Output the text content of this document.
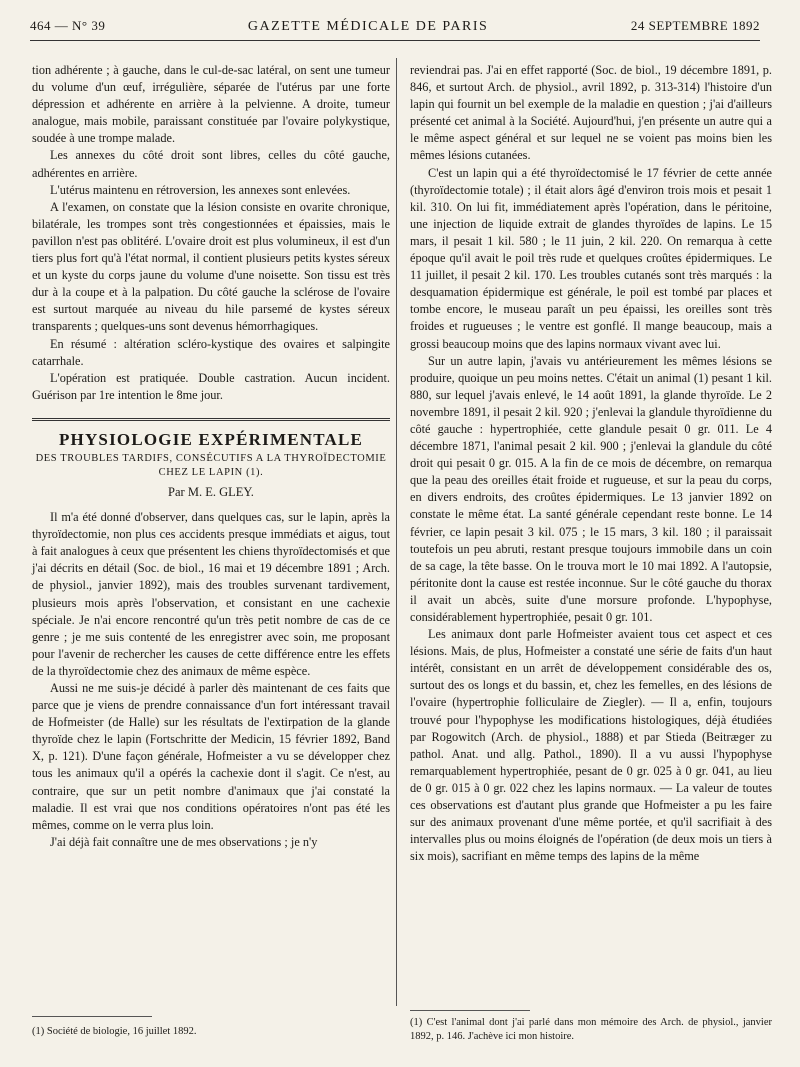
464 — N° 39	GAZETTE MÉDICALE DE PARIS	24 SEPTEMBRE 1892

tion adhérente ; à gauche, dans le cul-de-sac latéral, on sent une tumeur du volume d'un œuf, irrégulière, séparée de l'utérus par une forte dépression et adhérente en arrière à la pelvienne. A droite, tumeur analogue, mais mobile, paraissant constituée par l'ovaire polykystique, soudée à une trompe malade.

Les annexes du côté droit sont libres, celles du côté gauche, adhérentes en arrière.

L'utérus maintenu en rétroversion, les annexes sont enlevées.

A l'examen, on constate que la lésion consiste en ovarite chronique, bilatérale, les trompes sont très congestionnées et épaissies, mais le pavillon n'est pas oblitéré. L'ovaire droit est plus volumineux, il est d'un tiers plus fort qu'à l'état normal, il contient plusieurs petits kystes séreux et un kyste du corps jaune du volume d'une noisette. Son tissu est très dur à la coupe et à la palpation. Du côté gauche la sclérose de l'ovaire est surtout marquée au niveau du hile parsemé de kystes séreux transparents ; quelques-uns sont devenus hémorrhagiques.

En résumé : altération scléro-kystique des ovaires et salpingite catarrhale.

L'opération est pratiquée. Double castration. Aucun incident. Guérison par 1re intention le 8me jour.

PHYSIOLOGIE EXPÉRIMENTALE
DES TROUBLES TARDIFS, CONSÉCUTIFS A LA THYROÏDECTOMIE CHEZ LE LAPIN (1).
Par M. E. GLEY.

Il m'a été donné d'observer, dans quelques cas, sur le lapin, après la thyroïdectomie, non plus ces accidents presque immédiats et aigus, tout à fait analogues à ceux que présentent les chiens thyroïdectomisés et que j'ai décrits en détail (Soc. de biol., 16 mai et 19 décembre 1891 ; Arch. de physiol., janvier 1892), mais des troubles survenant tardivement, plusieurs mois après l'observation, et consistant en une cachexie spéciale. Je n'ai encore rencontré qu'un très petit nombre de cas de ce genre ; je me suis contenté de les enregistrer avec soin, me proposant pour l'avenir de rechercher les causes de cette différence entre les effets de la thyroïdectomie chez des animaux de même espèce.

Aussi ne me suis-je décidé à parler dès maintenant de ces faits que parce que je viens de prendre connaissance d'un fort intéressant travail de Hofmeister (de Halle) sur les résultats de l'extirpation de la glande thyroïde chez le lapin (Fortschritte der Medicin, 15 février 1892, Band X, p. 121). D'une façon générale, Hofmeister a vu se développer chez tous les animaux qu'il a opérés la cachexie dont il s'agit. Ce n'est, au contraire, que sur un petit nombre d'animaux que j'ai constaté la maladie. Il est vrai que nos conditions opératoires n'ont pas été les mêmes, comme on le verra plus loin.

J'ai déjà fait connaître une de mes observations ; je n'y

(1) Société de biologie, 16 juillet 1892.

reviendrai pas. J'ai en effet rapporté (Soc. de biol., 19 décembre 1891, p. 846, et surtout Arch. de physiol., avril 1892, p. 313-314) l'histoire d'un lapin qui fournit un bel exemple de la maladie en question ; j'ai d'ailleurs présenté cet animal à la Société. Aujourd'hui, j'en présente un autre qui a le même aspect général et sur lequel ne se voient pas moins bien les mêmes lésions cutanées.

C'est un lapin qui a été thyroïdectomisé le 17 février de cette année (thyroïdectomie totale) ; il était alors âgé d'environ trois mois et pesait 1 kil. 310. On lui fit, immédiatement après l'opération, dans le péritoine, une injection de liquide extrait de glandes thyroïdes de lapins. Le 15 mars, il pesait 1 kil. 580 ; le 11 juin, 2 kil. 220. On remarqua à cette époque qu'il avait le poil très rude et quelques croûtes épidermiques. Le 11 juillet, il pesait 2 kil. 170. Les troubles cutanés sont très marqués : la desquamation épidermique est générale, le poil est tombé par places et tombe encore, le museau paraît un peu épaissi, les oreilles sont très froides et rugueuses ; le ventre est gonflé. Il mange beaucoup, mais a grossi beaucoup moins que des lapins normaux vivant avec lui.

Sur un autre lapin, j'avais vu antérieurement les mêmes lésions se produire, quoique un peu moins nettes. C'était un animal (1) pesant 1 kil. 880, sur lequel j'avais enlevé, le 14 août 1891, la glande thyroïde. Le 2 novembre 1891, il pesait 2 kil. 920 ; j'enlevai la glandule thyroïdienne du côté gauche : hypertrophiée, cette glandule pesait 0 gr. 011. Le 4 décembre 1871, l'animal pesait 2 kil. 900 ; j'enlevai la glandule du côté droit qui pesait 0 gr. 015. A la fin de ce mois de décembre, on remarqua que la peau des oreilles était froide et rugueuse, et sur la peau du corps, en divers endroits, des croûtes épidermiques. Le 13 janvier 1892 on constate le même état. La santé générale cependant reste bonne. Le 14 février, ce lapin pesait 3 kil. 075 ; le 15 mars, 3 kil. 180 ; il paraissait toutefois un peu abruti, restant presque toujours immobile dans un coin de sa cage, la tête basse. On le trouva mort le 10 mai 1892. A l'autopsie, péritonite dont la cause est restée inconnue. Sur le côté gauche du thorax il avait un abcès, suite d'une morsure profonde. L'hypophyse, considérablement hypertrophiée, pesait 0 gr. 101.

Les animaux dont parle Hofmeister avaient tous cet aspect et ces lésions. Mais, de plus, Hofmeister a constaté une série de faits d'un haut intérêt, consistant en un arrêt de développement considérable des os, surtout des os longs et du bassin, et, chez les femelles, en des lésions de l'ovaire (hypertrophie folliculaire de Ziegler). — Il a, enfin, toujours trouvé pour l'hypophyse les modifications histologiques, déjà étudiées par Rogowitch (Arch. de physiol., 1888) et par Stieda (Beitræger zu pathol. Anat. und allg. Pathol., 1890). Il a vu aussi l'hypophyse remarquablement hypertrophiée, pesant de 0 gr. 025 à 0 gr. 041, au lieu de 0 gr. 015 à 0 gr. 022 chez les lapins normaux. — La valeur de toutes ces observations est d'autant plus grande que Hofmeister a pu les faire sur des animaux provenant d'une même portée, et qu'il sacrifiait à des intervalles plus ou moins éloignés de l'opération (de deux mois un tiers à six mois), sacrifiant en même temps des lapins de la même

(1) C'est l'animal dont j'ai parlé dans mon mémoire des Arch. de physiol., janvier 1892, p. 146. J'achève ici mon histoire.
